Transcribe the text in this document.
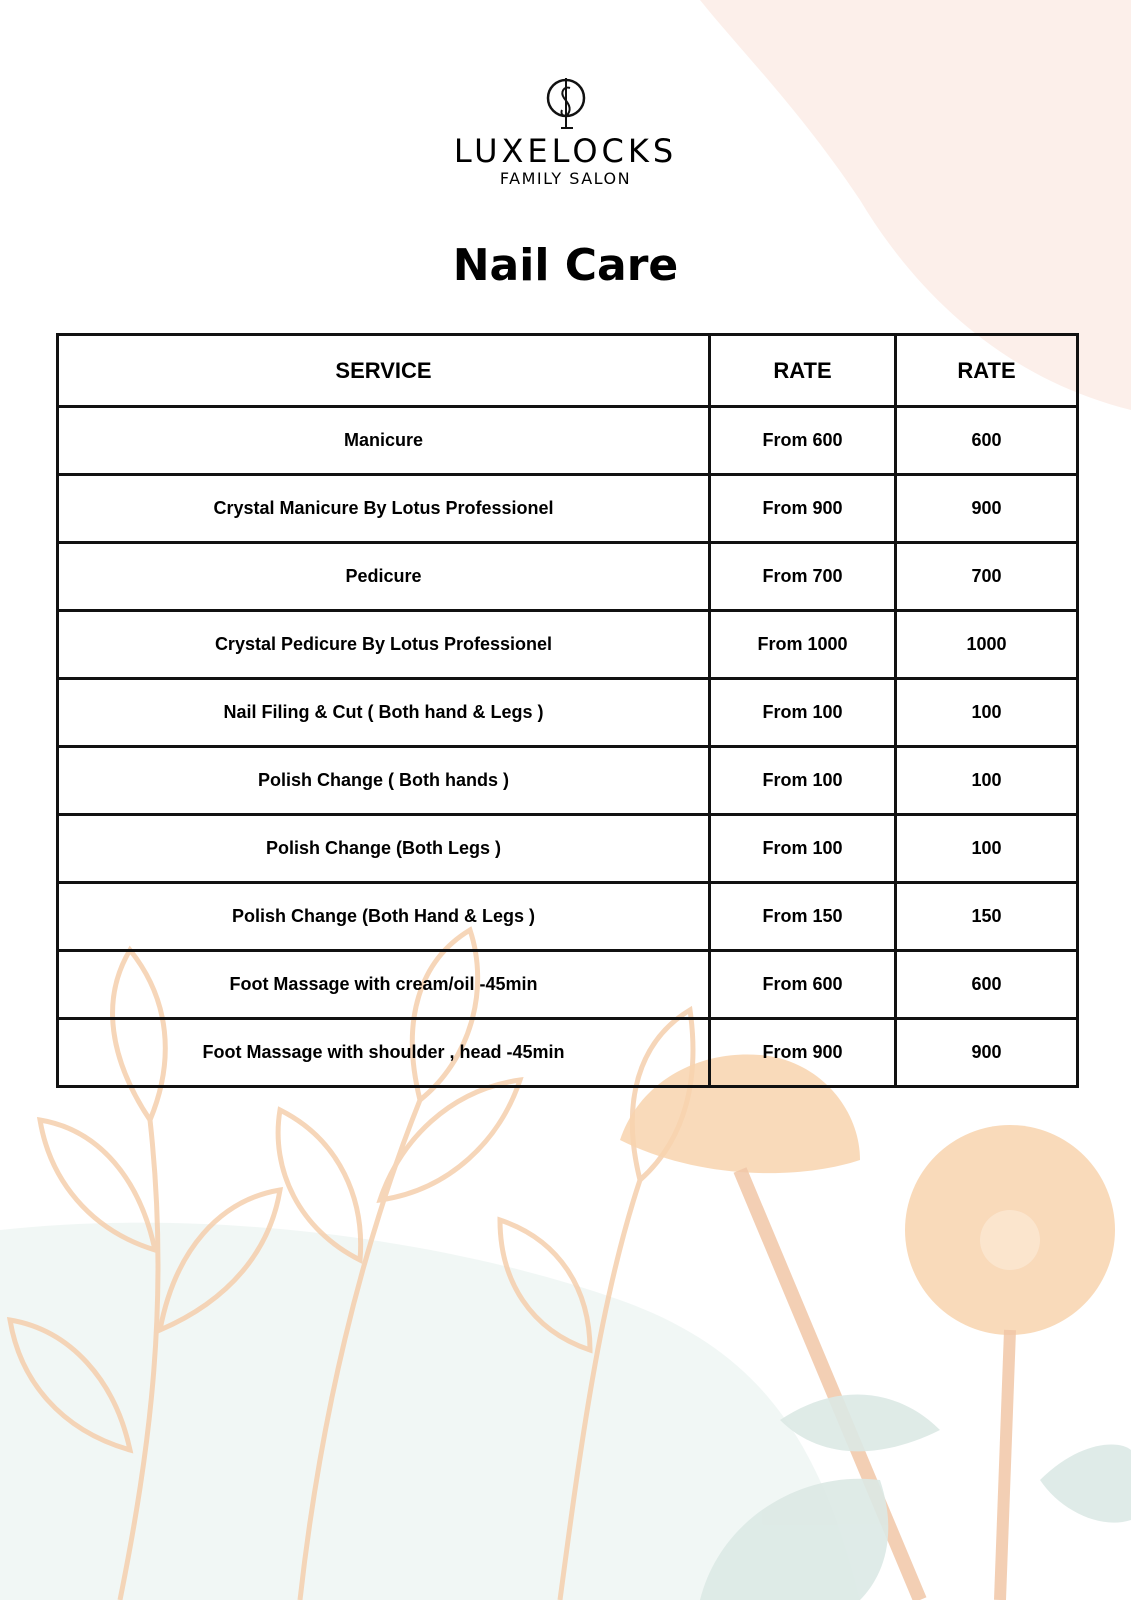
LUXELOCKS
FAMILY SALON
Nail Care
SERVICE	RATE	RATE
Manicure	From 600	600
Crystal Manicure By Lotus Professionel	From 900	900
Pedicure	From 700	700
Crystal Pedicure By Lotus Professionel	From 1000	1000
Nail Filing & Cut ( Both hand & Legs )	From 100	100
Polish Change ( Both hands )	From 100	100
Polish Change (Both Legs )	From 100	100
Polish Change (Both Hand & Legs )	From 150	150
Foot Massage with cream/oil -45min	From 600	600
Foot Massage with shoulder , head -45min	From 900	900
